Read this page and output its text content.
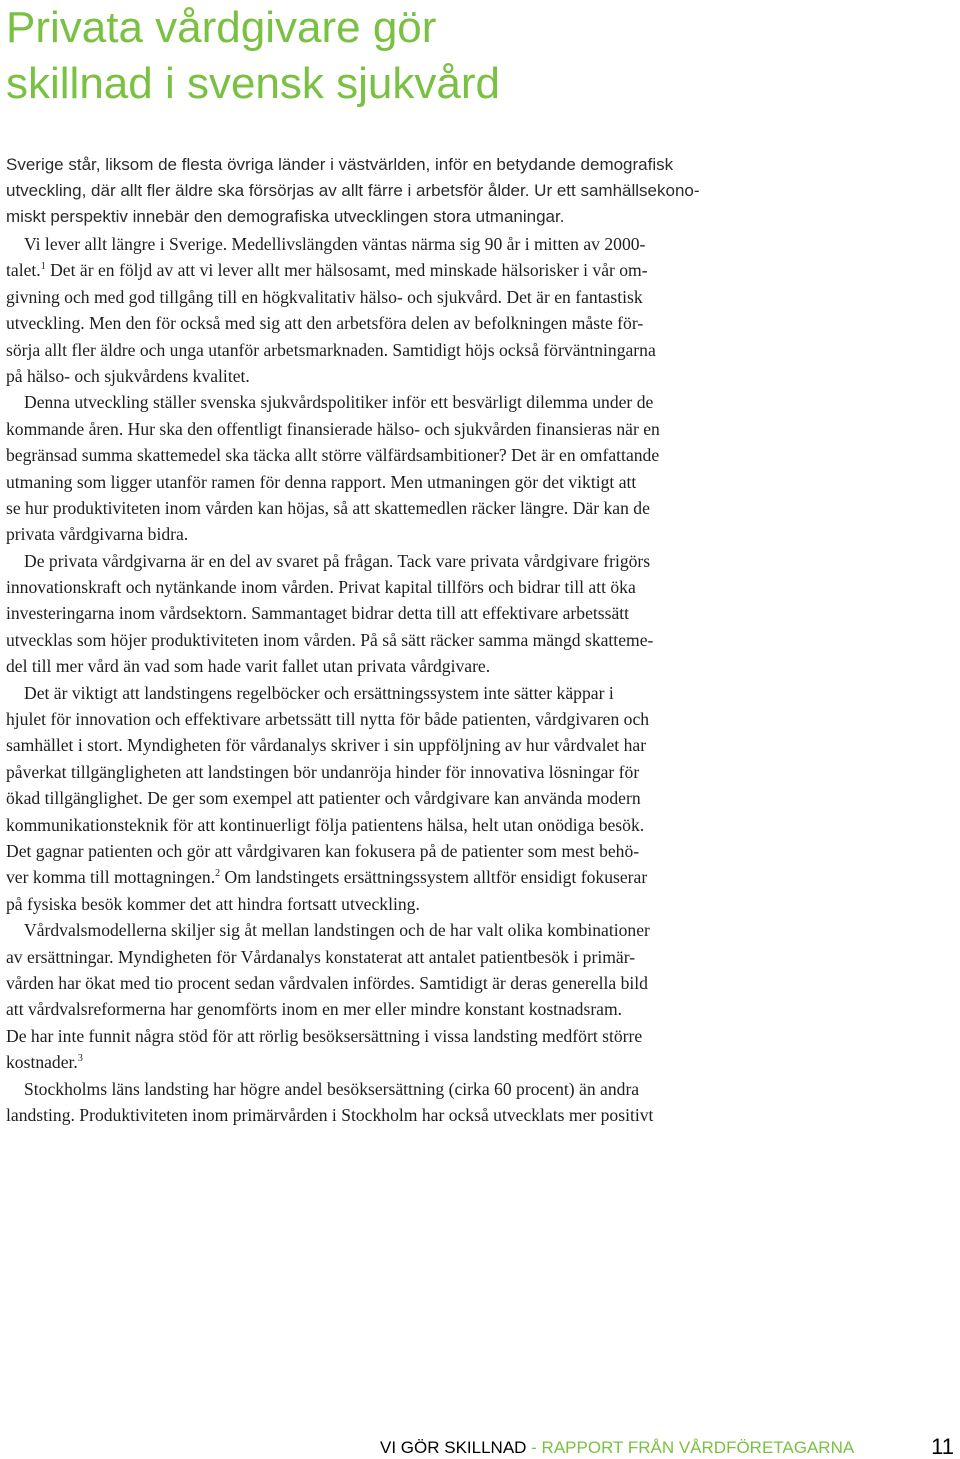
Privata vårdgivare gör
skillnad i svensk sjukvård
Sverige står, liksom de flesta övriga länder i västvärlden, inför en betydande demografisk
utveckling, där allt fler äldre ska försörjas av allt färre i arbetsför ålder. Ur ett samhällsekono-
miskt perspektiv innebär den demografiska utvecklingen stora utmaningar.
Vi lever allt längre i Sverige. Medellivslängden väntas närma sig 90 år i mitten av 2000-
talet.$^1$ Det är en följd av att vi lever allt mer hälsosamt, med minskade hälsorisker i vår om-
givning och med god tillgång till en högkvalitativ hälso- och sjukvård. Det är en fantastisk
utveckling. Men den för också med sig att den arbetsföra delen av befolkningen måste för-
sörja allt fler äldre och unga utanför arbetsmarknaden. Samtidigt höjs också förväntningarna
på hälso- och sjukvårdens kvalitet.
Denna utveckling ställer svenska sjukvårdspolitiker inför ett besvärligt dilemma under de
kommande åren. Hur ska den offentligt finansierade hälso- och sjukvården finansieras när en
begränsad summa skattemedel ska täcka allt större välfärdsambitioner? Det är en omfattande
utmaning som ligger utanför ramen för denna rapport. Men utmaningen gör det viktigt att
se hur produktiviteten inom vården kan höjas, så att skattemedlen räcker längre. Där kan de
privata vårdgivarna bidra.
De privata vårdgivarna är en del av svaret på frågan. Tack vare privata vårdgivare frigörs
innovationskraft och nytänkande inom vården. Privat kapital tillförs och bidrar till att öka
investeringarna inom vårdsektorn. Sammantaget bidrar detta till att effektivare arbetssätt
utvecklas som höjer produktiviteten inom vården. På så sätt räcker samma mängd skatteme-
del till mer vård än vad som hade varit fallet utan privata vårdgivare.
Det är viktigt att landstingens regelböcker och ersättningssystem inte sätter käppar i
hjulet för innovation och effektivare arbetssätt till nytta för både patienten, vårdgivaren och
samhället i stort. Myndigheten för vårdanalys skriver i sin uppföljning av hur vårdvalet har
påverkat tillgängligheten att landstingen bör undanröja hinder för innovativa lösningar för
ökad tillgänglighet. De ger som exempel att patienter och vårdgivare kan använda modern
kommunikationsteknik för att kontinuerligt följa patientens hälsa, helt utan onödiga besök.
Det gagnar patienten och gör att vårdgivaren kan fokusera på de patienter som mest behö-
ver komma till mottagningen.$^2$ Om landstingets ersättningssystem alltför ensidigt fokuserar
på fysiska besök kommer det att hindra fortsatt utveckling.
Vårdvalsmodellerna skiljer sig åt mellan landstingen och de har valt olika kombinationer
av ersättningar. Myndigheten för Vårdanalys konstaterat att antalet patientbesök i primär-
vården har ökat med tio procent sedan vårdvalen infördes. Samtidigt är deras generella bild
att vårdvalsreformerna har genomförts inom en mer eller mindre konstant kostnadsram.
De har inte funnit några stöd för att rörlig besöksersättning i vissa landsting medfört större
kostnader.$^3$
Stockholms läns landsting har högre andel besöksersättning (cirka 60 procent) än andra
landsting. Produktiviteten inom primärvården i Stockholm har också utvecklats mer positivt
VI GÖR SKILLNAD - RAPPORT FRÅN VÅRDFÖRETAGARNA	11
